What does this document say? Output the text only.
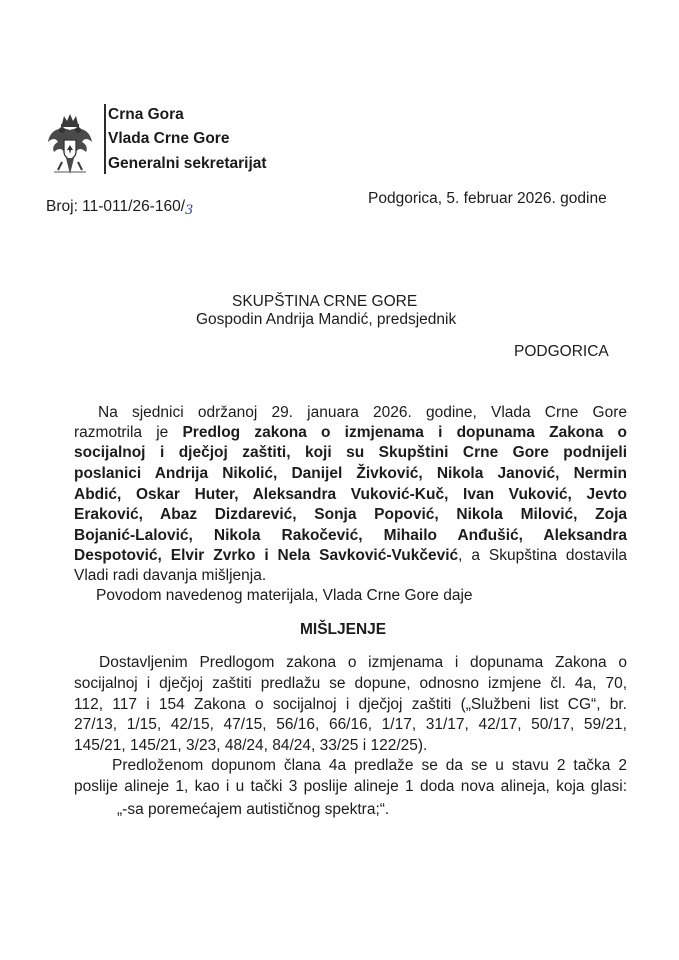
Crna Gora
Vlada Crne Gore
Generalni sekretarijat
Broj: 11-011/26-160/3
Podgorica, 5. februar 2026. godine
SKUPŠTINA CRNE GORE
Gospodin Andrija Mandić, predsjednik
PODGORICA
Na sjednici održanoj 29. januara 2026. godine, Vlada Crne Gore
razmotrila je Predlog zakona o izmjenama i dopunama Zakona o
socijalnoj i dječjoj zaštiti, koji su Skupštini Crne Gore podnijeli
poslanici Andrija Nikolić, Danijel Živković, Nikola Janović, Nermin
Abdić, Oskar Huter, Aleksandra Vuković-Kuč, Ivan Vuković, Jevto
Eraković, Abaz Dizdarević, Sonja Popović, Nikola Milović, Zoja
Bojanić-Lalović, Nikola Rakočević, Mihailo Anđušić, Aleksandra
Despotović, Elvir Zvrko i Nela Savković-Vukčević, a Skupština dostavila
Vladi radi davanja mišljenja.
Povodom navedenog materijala, Vlada Crne Gore daje
MIŠLJENJE
Dostavljenim Predlogom zakona o izmjenama i dopunama Zakona o
socijalnoj i dječjoj zaštiti predlažu se dopune, odnosno izmjene čl. 4a, 70,
112, 117 i 154 Zakona o socijalnoj i dječjoj zaštiti („Službeni list CG“, br.
27/13, 1/15, 42/15, 47/15, 56/16, 66/16, 1/17, 31/17, 42/17, 50/17, 59/21,
145/21, 145/21, 3/23, 48/24, 84/24, 33/25 i 122/25).
Predloženom dopunom člana 4a predlaže se da se u stavu 2 tačka 2
poslije alineje 1, kao i u tački 3 poslije alineje 1 doda nova alineja, koja glasi:
„-sa poremećajem autističnog spektra;“.
